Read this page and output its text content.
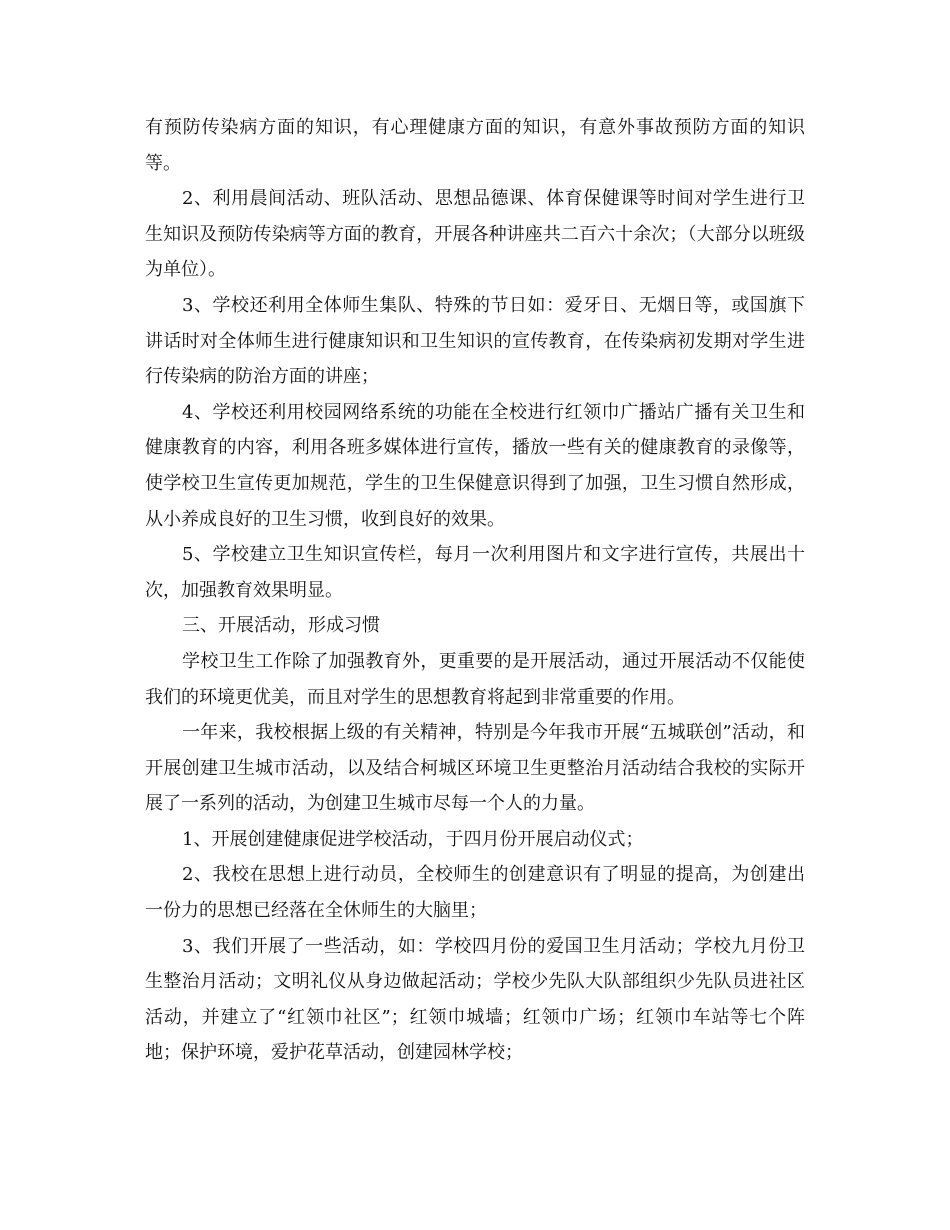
有预防传染病方面的知识，有心理健康方面的知识，有意外事故预防方面的知识等。

2、利用晨间活动、班队活动、思想品德课、体育保健课等时间对学生进行卫生知识及预防传染病等方面的教育，开展各种讲座共二百六十余次；（大部分以班级为单位）。

3、学校还利用全体师生集队、特殊的节日如：爱牙日、无烟日等，或国旗下讲话时对全体师生进行健康知识和卫生知识的宣传教育，在传染病初发期对学生进行传染病的防治方面的讲座；

4、学校还利用校园网络系统的功能在全校进行红领巾广播站广播有关卫生和健康教育的内容，利用各班多媒体进行宣传，播放一些有关的健康教育的录像等，使学校卫生宣传更加规范，学生的卫生保健意识得到了加强，卫生习惯自然形成，从小养成良好的卫生习惯，收到良好的效果。

5、学校建立卫生知识宣传栏，每月一次利用图片和文字进行宣传，共展出十次，加强教育效果明显。

三、开展活动，形成习惯

学校卫生工作除了加强教育外，更重要的是开展活动，通过开展活动不仅能使我们的环境更优美，而且对学生的思想教育将起到非常重要的作用。

一年来，我校根据上级的有关精神，特别是今年我市开展“五城联创”活动，和开展创建卫生城市活动，以及结合柯城区环境卫生更整治月活动结合我校的实际开展了一系列的活动，为创建卫生城市尽每一个人的力量。

1、开展创建健康促进学校活动，于四月份开展启动仪式；

2、我校在思想上进行动员，全校师生的创建意识有了明显的提高，为创建出一份力的思想已经落在全休师生的大脑里；

3、我们开展了一些活动，如：学校四月份的爱国卫生月活动；学校九月份卫生整治月活动；文明礼仪从身边做起活动；学校少先队大队部组织少先队员进社区活动，并建立了“红领巾社区”；红领巾城墙；红领巾广场；红领巾车站等七个阵地；保护环境，爱护花草活动，创建园林学校；
